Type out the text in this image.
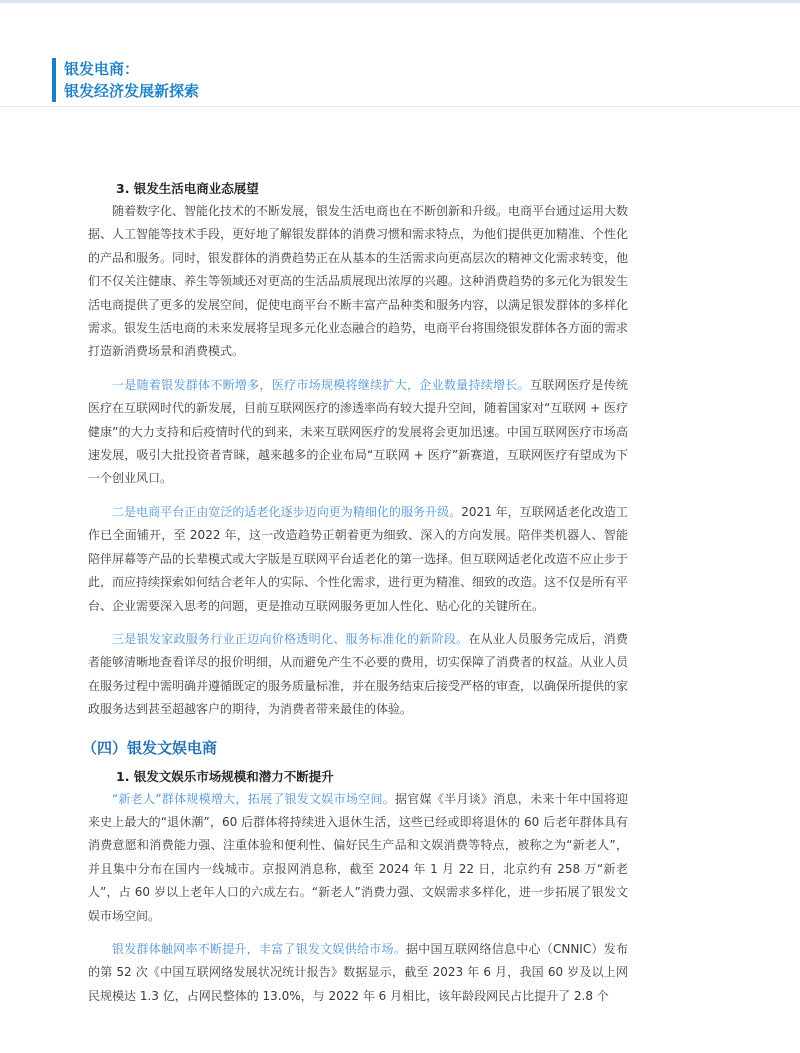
银发电商：
银发经济发展新探索
3. 银发生活电商业态展望

随着数字化、智能化技术的不断发展，银发生活电商也在不断创新和升级。电商平台通过运用大数据、人工智能等技术手段，更好地了解银发群体的消费习惯和需求特点，为他们提供更加精准、个性化的产品和服务。同时，银发群体的消费趋势正在从基本的生活需求向更高层次的精神文化需求转变，他们不仅关注健康、养生等领域还对更高的生活品质展现出浓厚的兴趣。这种消费趋势的多元化为银发生活电商提供了更多的发展空间，促使电商平台不断丰富产品种类和服务内容，以满足银发群体的多样化需求。银发生活电商的未来发展将呈现多元化业态融合的趋势，电商平台将围绕银发群体各方面的需求打造新消费场景和消费模式。

一是随着银发群体不断增多，医疗市场规模将继续扩大，企业数量持续增长。互联网医疗是传统医疗在互联网时代的新发展，目前互联网医疗的渗透率尚有较大提升空间，随着国家对“互联网 + 医疗健康”的大力支持和后疫情时代的到来，未来互联网医疗的发展将会更加迅速。中国互联网医疗市场高速发展，吸引大批投资者青睐，越来越多的企业布局“互联网 + 医疗”新赛道，互联网医疗有望成为下一个创业风口。

二是电商平台正由宽泛的适老化逐步迈向更为精细化的服务升级。2021 年，互联网适老化改造工作已全面铺开，至 2022 年，这一改造趋势正朝着更为细致、深入的方向发展。陪伴类机器人、智能陪伴屏幕等产品的长辈模式或大字版是互联网平台适老化的第一选择。但互联网适老化改造不应止步于此，而应持续探索如何结合老年人的实际、个性化需求，进行更为精准、细致的改造。这不仅是所有平台、企业需要深入思考的问题，更是推动互联网服务更加人性化、贴心化的关键所在。

三是银发家政服务行业正迈向价格透明化、服务标准化的新阶段。在从业人员服务完成后，消费者能够清晰地查看详尽的报价明细，从而避免产生不必要的费用，切实保障了消费者的权益。从业人员在服务过程中需明确并遵循既定的服务质量标准，并在服务结束后接受严格的审查，以确保所提供的家政服务达到甚至超越客户的期待，为消费者带来最佳的体验。

（四）银发文娱电商
1. 银发文娱乐市场规模和潜力不断提升

“新老人”群体规模增大，拓展了银发文娱市场空间。据官媒《半月谈》消息，未来十年中国将迎来史上最大的“退休潮”，60 后群体将持续进入退休生活，这些已经或即将退休的 60 后老年群体具有消费意愿和消费能力强、注重体验和便利性、偏好民生产品和文娱消费等特点，被称之为“新老人”，并且集中分布在国内一线城市。京报网消息称，截至 2024 年 1 月 22 日，北京约有 258 万“新老人”，占 60 岁以上老年人口的六成左右。“新老人”消费力强、文娱需求多样化，进一步拓展了银发文娱市场空间。

银发群体触网率不断提升，丰富了银发文娱供给市场。据中国互联网络信息中心（CNNIC）发布的第 52 次《中国互联网络发展状况统计报告》数据显示，截至 2023 年 6 月，我国 60 岁及以上网民规模达 1.3 亿，占网民整体的 13.0%，与 2022 年 6 月相比，该年龄段网民占比提升了 2.8 个
